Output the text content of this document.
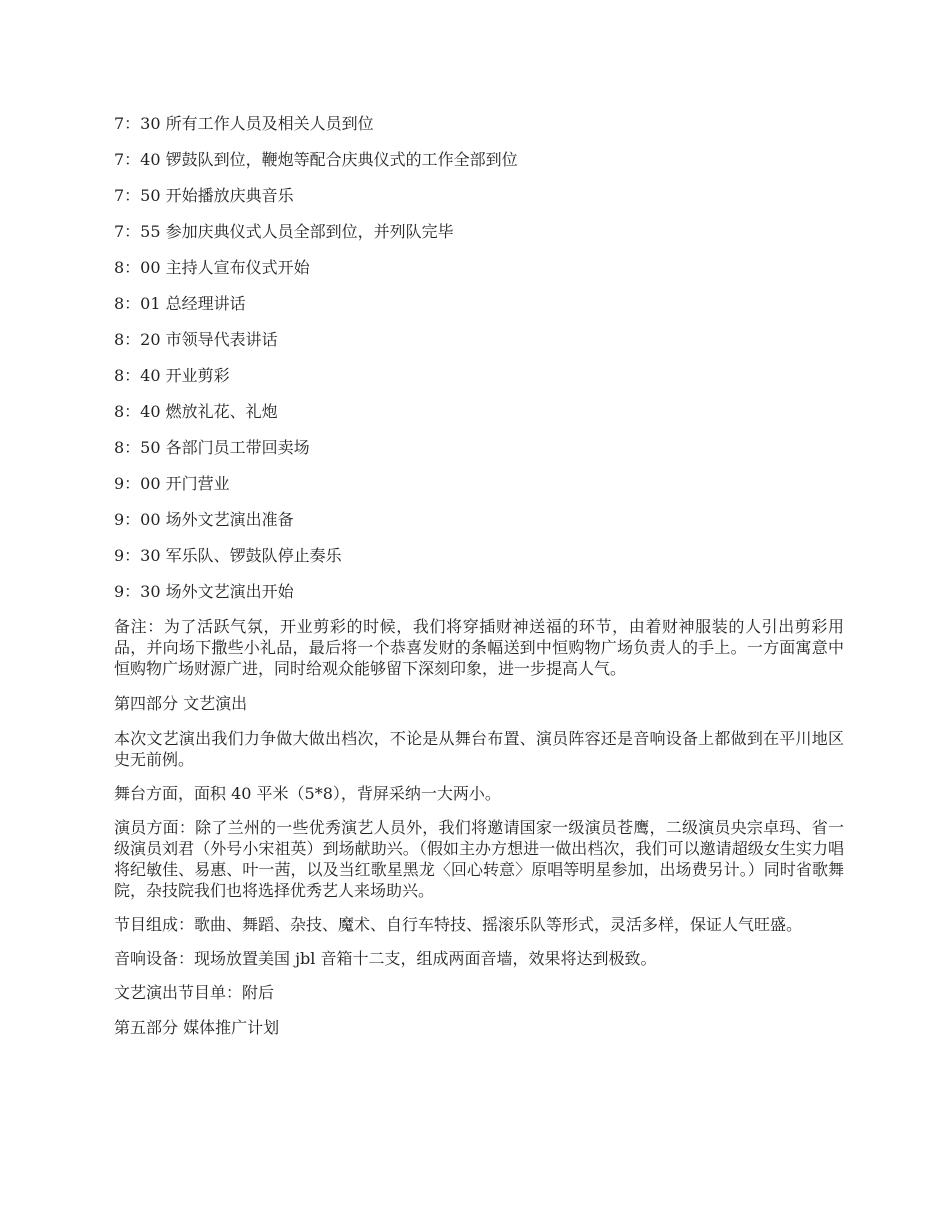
7：30 所有工作人员及相关人员到位
7：40 锣鼓队到位，鞭炮等配合庆典仪式的工作全部到位
7：50 开始播放庆典音乐
7：55 参加庆典仪式人员全部到位，并列队完毕
8：00 主持人宣布仪式开始
8：01 总经理讲话
8：20 市领导代表讲话
8：40 开业剪彩
8：40 燃放礼花、礼炮
8：50 各部门员工带回卖场
9：00 开门营业
9：00 场外文艺演出准备
9：30 军乐队、锣鼓队停止奏乐
9：30 场外文艺演出开始

备注：为了活跃气氛，开业剪彩的时候，我们将穿插财神送福的环节，由着财神服装的人引出剪彩用品，并向场下撒些小礼品，最后将一个恭喜发财的条幅送到中恒购物广场负责人的手上。一方面寓意中恒购物广场财源广进，同时给观众能够留下深刻印象，进一步提高人气。

第四部分 文艺演出

本次文艺演出我们力争做大做出档次，不论是从舞台布置、演员阵容还是音响设备上都做到在平川地区史无前例。

舞台方面，面积 40 平米（5*8），背屏采纳一大两小。

演员方面：除了兰州的一些优秀演艺人员外，我们将邀请国家一级演员苍鹰，二级演员央宗卓玛、省一级演员刘君（外号小宋祖英）到场献助兴。（假如主办方想进一做出档次，我们可以邀请超级女生实力唱将纪敏佳、易惠、叶一茜，以及当红歌星黑龙〈回心转意〉原唱等明星参加，出场费另计。）同时省歌舞院，杂技院我们也将选择优秀艺人来场助兴。

节目组成：歌曲、舞蹈、杂技、魔术、自行车特技、摇滚乐队等形式，灵活多样，保证人气旺盛。

音响设备：现场放置美国 jbl 音箱十二支，组成两面音墙，效果将达到极致。

文艺演出节目单：附后

第五部分 媒体推广计划
